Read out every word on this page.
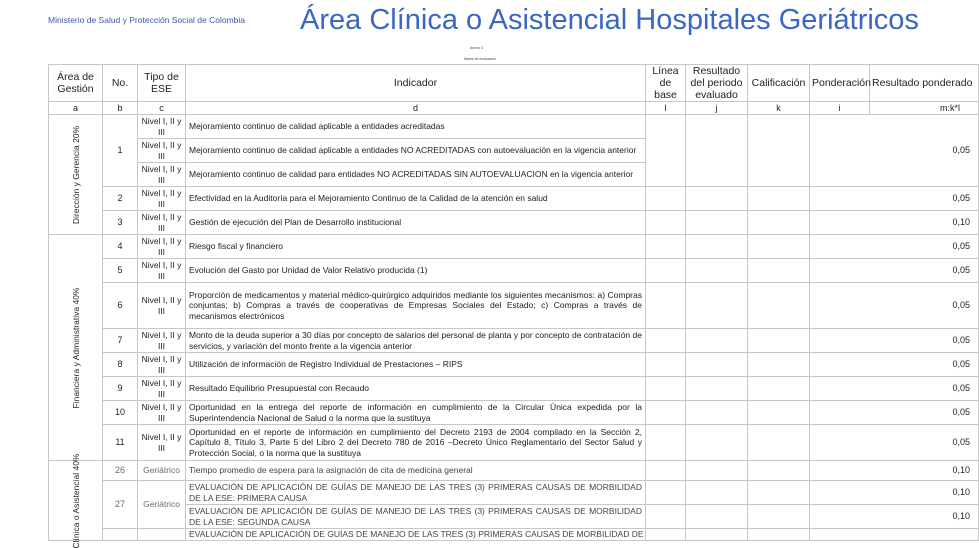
Ministerio de Salud y Protección Social de Colombia Área Clínica o Asistencial Hospitales Geriátricos
Anexo 4
Matriz de evaluación
Área de Gestión	No.	Tipo de ESE	Indicador	Línea de base	Resultado del periodo evaluado	Calificación	Ponderación	Resultado ponderado
a	b	c	d	l	j	k	i	m:k*l

Dirección y Gerencia 20%	1	Nivel I, II y III	Mejoramiento continuo de calidad aplicable a entidades acreditadas				0,05	
		Nivel I, II y III	Mejoramiento continuo de calidad aplicable a entidades NO ACREDITADAS con autoevaluación en la vigencia anterior					
		Nivel I, II y III	Mejoramiento continuo de calidad para entidades NO ACREDITADAS SIN AUTOEVALUACION en la vigencia anterior					
	2	Nivel I, II y III	Efectividad en la Auditoría para el Mejoramiento Continuo de la Calidad de la atención en salud				0,05	
	3	Nivel I, II y III	Gestión de ejecución del Plan de Desarrollo institucional				0,10	

Financiera y Administrativa 40%	4	Nivel I, II y III	Riesgo fiscal y financiero				0,05	
	5	Nivel I, II y III	Evolución del Gasto por Unidad de Valor Relativo producida (1)				0,05	
	6	Nivel I, II y III	Proporción de medicamentos y material médico-quirúrgico adquiridos mediante los siguientes mecanismos: a) Compras conjuntas; b) Compras a través de cooperativas de Empresas Sociales del Estado; c) Compras a través de mecanismos electrónicos				0,05	
	7	Nivel I, II y III	Monto de la deuda superior a 30 días por concepto de salarios del personal de planta y por concepto de contratación de servicios, y variación del monto frente a la vigencia anterior				0,05	
	8	Nivel I, II y III	Utilización de información de Registro Individual de Prestaciones – RIPS				0,05	
	9	Nivel I, II y III	Resultado Equilibrio Presupuestal con Recaudo				0,05	
	10	Nivel I, II y III	Oportunidad en la entrega del reporte de información en cumplimiento de la Circular Única expedida por la Superintendencia Nacional de Salud o la norma que la sustituya				0,05	
	11	Nivel I, II y III	Oportunidad en el reporte de información en cumplimiento del Decreto 2193 de 2004 compilado en la Sección 2, Capítulo 8, Título 3, Parte 5 del Libro 2 del Decreto 780 de 2016 –Decreto Único Reglamentario del Sector Salud y Protección Social, o la norma que la sustituya				0,05	

Clínica o Asistencial 40%	26	Geriátrico	Tiempo promedio de espera para la asignación de cita de medicina general				0,10	
	27	Geriátrico	EVALUACIÓN DE APLICACIÓN DE GUÍAS DE MANEJO DE LAS TRES (3) PRIMERAS CAUSAS DE MORBILIDAD DE LA ESE: PRIMERA CAUSA				0,10	
			EVALUACIÓN DE APLICACIÓN DE GUÍAS DE MANEJO DE LAS TRES (3) PRIMERAS CAUSAS DE MORBILIDAD DE LA ESE: SEGUNDA CAUSA				0,10	
			EVALUACIÓN DE APLICACIÓN DE GUÍAS DE MANEJO DE LAS TRES (3) PRIMERAS CAUSAS DE MORBILIDAD DE					
